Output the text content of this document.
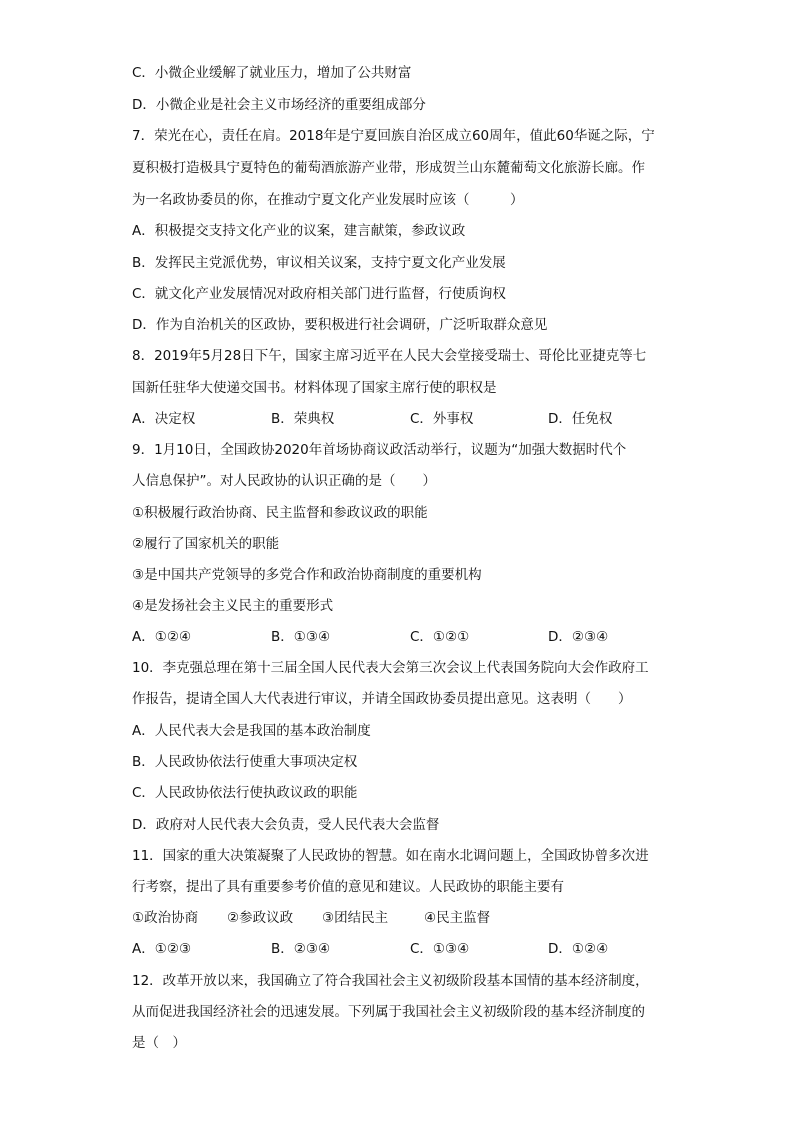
C．小微企业缓解了就业压力，增加了公共财富
D．小微企业是社会主义市场经济的重要组成部分
7．荣光在心，责任在肩。2018年是宁夏回族自治区成立60周年，值此60华诞之际，宁
夏积极打造极具宁夏特色的葡萄酒旅游产业带，形成贺兰山东麓葡萄文化旅游长廊。作
为一名政协委员的你，在推动宁夏文化产业发展时应该（　　　）
A．积极提交支持文化产业的议案，建言献策，参政议政
B．发挥民主党派优势，审议相关议案，支持宁夏文化产业发展
C．就文化产业发展情况对政府相关部门进行监督，行使质询权
D．作为自治机关的区政协，要积极进行社会调研，广泛听取群众意见
8．2019年5月28日下午，国家主席习近平在人民大会堂接受瑞士、哥伦比亚捷克等七
国新任驻华大使递交国书。材料体现了国家主席行使的职权是
A．决定权	B．荣典权	C．外事权	D．任免权
9．1月10日，全国政协2020年首场协商议政活动举行，议题为“加强大数据时代个
人信息保护”。对人民政协的认识正确的是（　　）
①积极履行政治协商、民主监督和参政议政的职能
②履行了国家机关的职能
③是中国共产党领导的多党合作和政治协商制度的重要机构
④是发扬社会主义民主的重要形式
A．①②④	B．①③④	C．①②①	D．②③④
10．李克强总理在第十三届全国人民代表大会第三次会议上代表国务院向大会作政府工
作报告，提请全国人大代表进行审议，并请全国政协委员提出意见。这表明（　　）
A．人民代表大会是我国的基本政治制度
B．人民政协依法行使重大事项决定权
C．人民政协依法行使执政议政的职能
D．政府对人民代表大会负责，受人民代表大会监督
11．国家的重大决策凝聚了人民政协的智慧。如在南水北调问题上，全国政协曾多次进
行考察，提出了具有重要参考价值的意见和建议。人民政协的职能主要有
①政治协商 ②参政议政 ③团结民主	④民主监督
A．①②③	B．②③④	C．①③④	D．①②④
12．改革开放以来，我国确立了符合我国社会主义初级阶段基本国情的基本经济制度，
从而促进我国经济社会的迅速发展。下列属于我国社会主义初级阶段的基本经济制度的
是（　）
